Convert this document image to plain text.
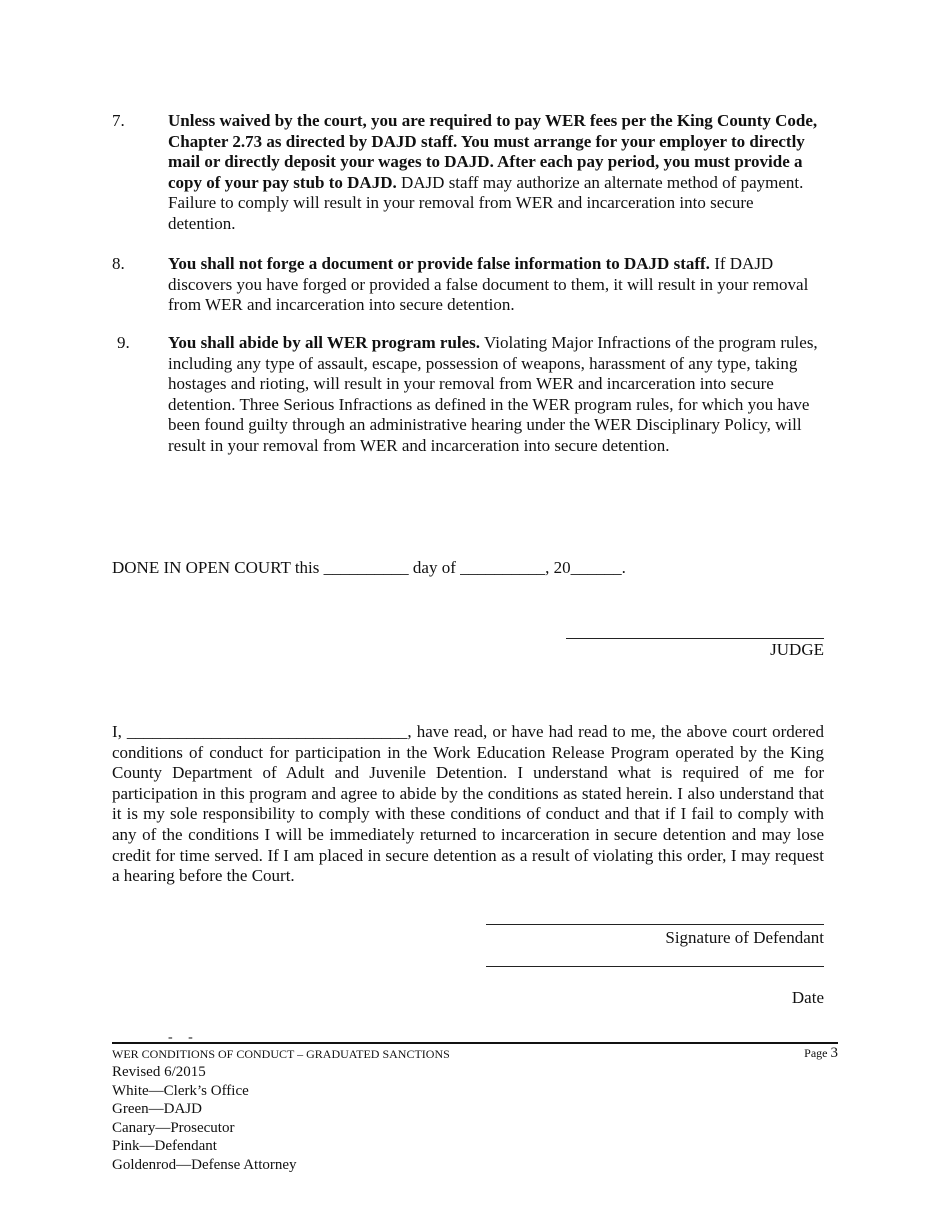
7.	Unless waived by the court, you are required to pay WER fees per the King County Code, Chapter 2.73 as directed by DAJD staff. You must arrange for your employer to directly mail or directly deposit your wages to DAJD. After each pay period, you must provide a copy of your pay stub to DAJD. DAJD staff may authorize an alternate method of payment. Failure to comply will result in your removal from WER and incarceration into secure detention.
8.	You shall not forge a document or provide false information to DAJD staff. If DAJD discovers you have forged or provided a false document to them, it will result in your removal from WER and incarceration into secure detention.
9. You shall abide by all WER program rules. Violating Major Infractions of the program rules, including any type of assault, escape, possession of weapons, harassment of any type, taking hostages and rioting, will result in your removal from WER and incarceration into secure detention. Three Serious Infractions as defined in the WER program rules, for which you have been found guilty through an administrative hearing under the WER Disciplinary Policy, will result in your removal from WER and incarceration into secure detention.
DONE IN OPEN COURT this __________ day of __________, 20______.
JUDGE
I, _________________________________, have read, or have had read to me, the above court ordered conditions of conduct for participation in the Work Education Release Program operated by the King County Department of Adult and Juvenile Detention. I understand what is required of me for participation in this program and agree to abide by the conditions as stated herein. I also understand that it is my sole responsibility to comply with these conditions of conduct and that if I fail to comply with any of the conditions I will be immediately returned to incarceration in secure detention and may lose credit for time served. If I am placed in secure detention as a result of violating this order, I may request a hearing before the Court.
Signature of Defendant
Date
- -
WER CONDITIONS OF CONDUCT – GRADUATED SANCTIONS	Page 3
Revised 6/2015
White—Clerk’s Office
Green—DAJD
Canary—Prosecutor
Pink—Defendant
Goldenrod—Defense Attorney
